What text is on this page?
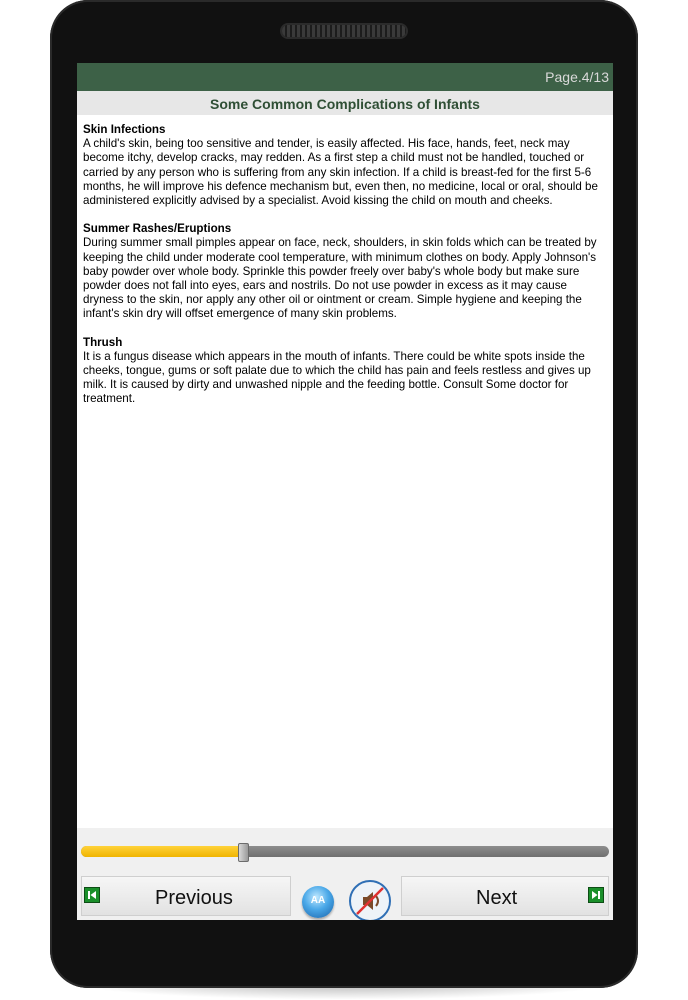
Page.4/13
Some Common Complications of Infants
Skin Infections
A child's skin, being too sensitive and tender, is easily affected. His face, hands, feet, neck may become itchy, develop cracks, may redden. As a first step a child must not be handled, touched or carried by any person who is suffering from any skin infection. If a child is breast-fed for the first 5-6 months, he will improve his defence mechanism but, even then, no medicine, local or oral, should be administered explicitly advised by a specialist. Avoid kissing the child on mouth and cheeks.
Summer Rashes/Eruptions
During summer small pimples appear on face, neck, shoulders, in skin folds which can be treated by keeping the child under moderate cool temperature, with minimum clothes on body. Apply Johnson's baby powder over whole body. Sprinkle this powder freely over baby's whole body but make sure powder does not fall into eyes, ears and nostrils. Do not use powder in excess as it may cause dryness to the skin, nor apply any other oil or ointment or cream. Simple hygiene and keeping the infant's skin dry will offset emergence of many skin problems.
Thrush
It is a fungus disease which appears in the mouth of infants. There could be white spots inside the cheeks, tongue, gums or soft palate due to which the child has pain and feels restless and gives up milk. It is caused by dirty and unwashed nipple and the feeding bottle. Consult Some doctor for treatment.
Previous	AA	Next
